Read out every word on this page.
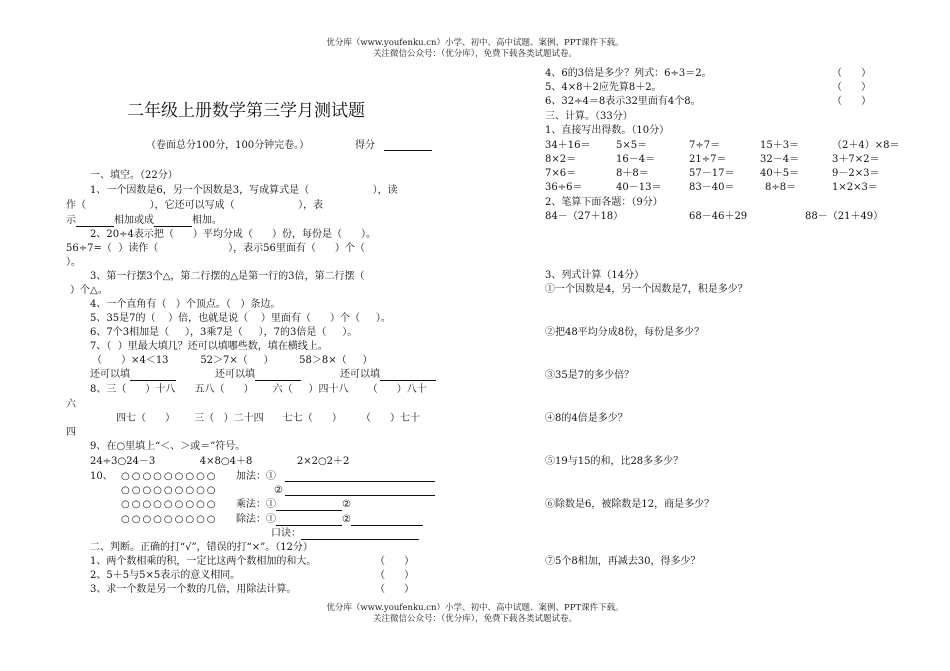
优分库（www.youfenku.cn）小学、初中、高中试题、案例、PPT课件下载。
关注微信公众号：（优分库），免费下载各类试题试卷。
二年级上册数学第三学月测试题
（卷面总分100分，100分钟完卷。）	得分
一、填空。（22分）
1、一个因数是6，另一个因数是3，写成算式是（                    ），读
作（                    ），它还可以写成（                    ），表
示	相加或成	相加。
2、20÷4表示把（      ）平均分成（      ）份，每份是（      ）。
56÷7=（  ）读作（                      ），表示56里面有（      ）个（
）。
3、第一行摆3个△，第二行摆的△是第一行的3倍，第二行摆（
）个△。
4、一个直角有（   ）个顶点。（   ）条边。
5、35是7的（    ）倍，也就是说（    ）里面有（      ）个（     ）。
6、7个3相加是（     ），3乘7是（     ），7的3倍是（     ）。
7、（  ）里最大填几？还可以填哪些数，填在横线上。
（      ）×4＜13          52＞7×（     ）        58＞8×（     ）
还可以填	还可以填	还可以填
8、三（      ）十八      五八（      ）      六（     ）四十八      （      ）八十
六
四七（      ）      三（   ）二十四      七七（      ）      （      ）七十
四
9、在○里填上“＜、＞或＝”符号。
24÷3○24－3              4×8○4＋8              2×2○2＋2
10、 ○○○○○○○○○
○○○○○○○○○
○○○○○○○○○
○○○○○○○○○
加法：①
②
乘法：①	②
除法：①	②
口诀：
二、判断。正确的打“√”，错误的打“×”。（12分）
1、两个数相乘的积，一定比这两个数相加的和大。	（      ）
2、5＋5与5×5表示的意义相同。	（      ）
3、求一个数是另一个数的几倍，用除法计算。	（      ）
4、6的3倍是多少？列式：6÷3＝2。	（      ）
5、4×8＋2应先算8＋2。	（      ）
6、32÷4＝8表示32里面有4个8。	（      ）
三、计算。（33分）
1、直接写出得数。（10分）
34＋16＝	5×5＝	7÷7＝	15＋3＝	（2＋4）×8＝
8×2＝	16－4＝	21÷7＝	32－4＝	3＋7×2＝
7×6＝	8＋8＝	57－17＝	40＋5＝	9－2×3＝
36÷6＝	40－13＝	83－40＝	8÷8＝	1×2×3＝
2、笔算下面各题：（9分）
84－（27＋18）	68－46＋29	88－（21＋49）
3、列式计算（14分）
①一个因数是4，另一个因数是7，积是多少？
②把48平均分成8份，每份是多少？
③35是7的多少倍？
④8的4倍是多少？
⑤19与15的和，比28多多少？
⑥除数是6，被除数是12，商是多少？
⑦5个8相加，再减去30，得多少？
优分库（www.youfenku.cn）小学、初中、高中试题、案例、PPT课件下载。
关注微信公众号：（优分库），免费下载各类试题试卷。
